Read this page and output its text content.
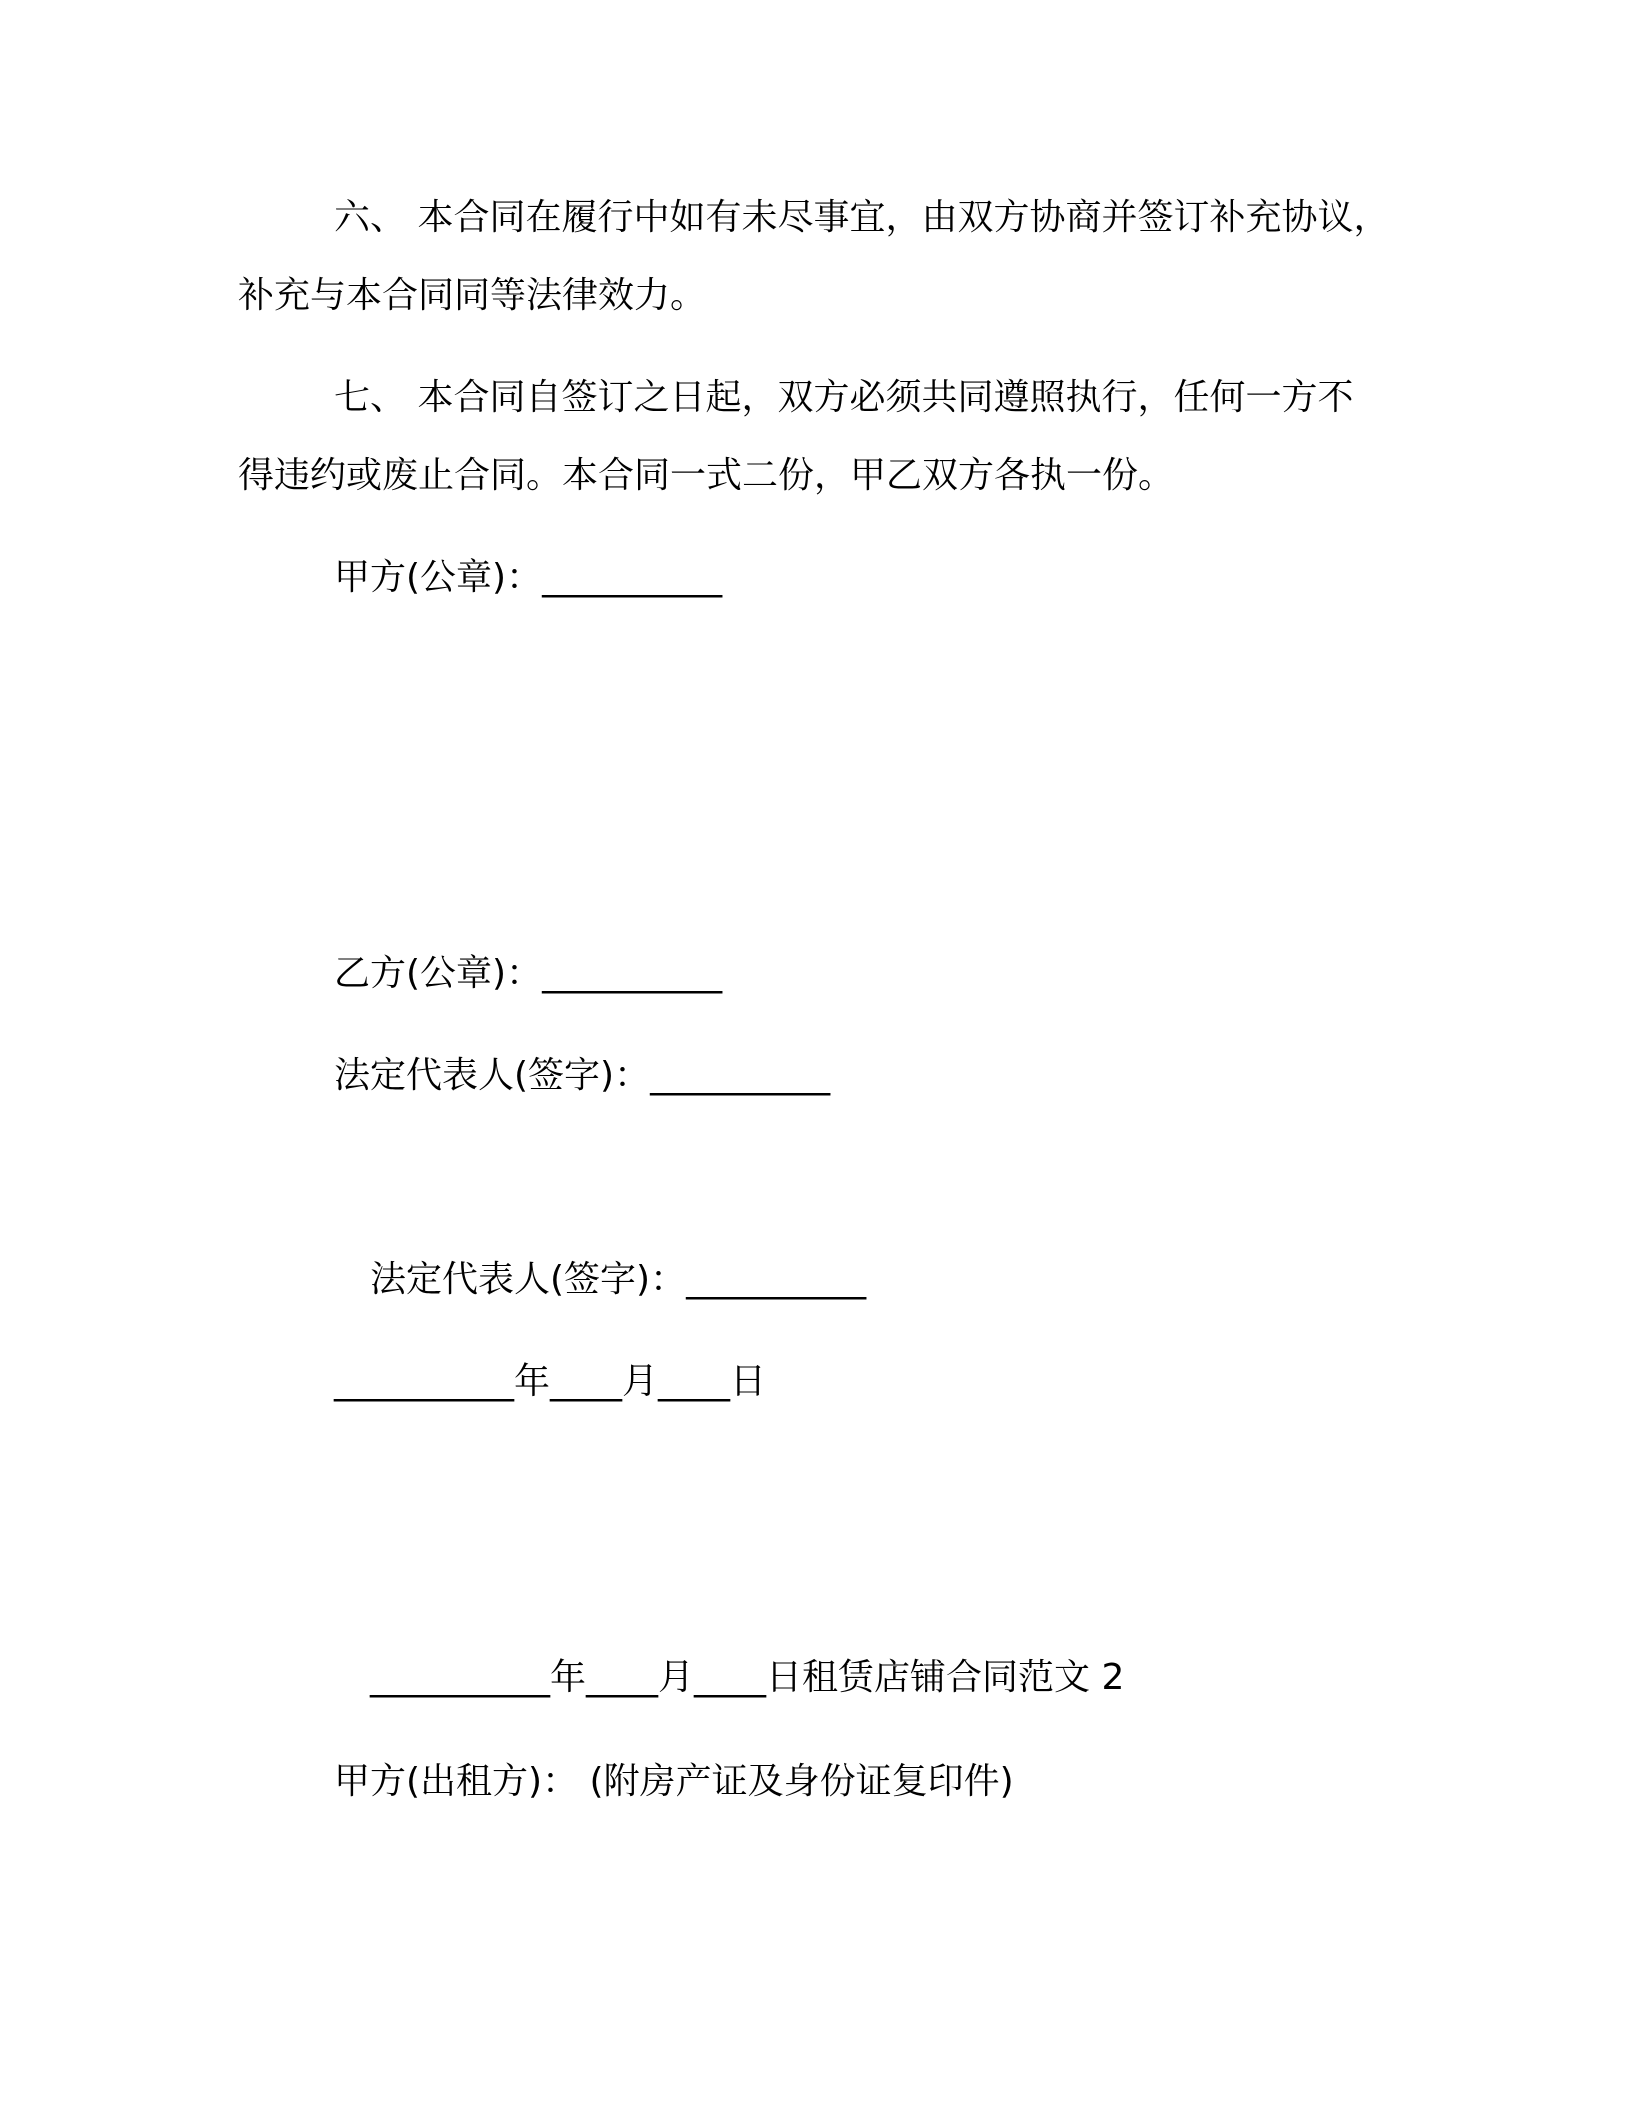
六、 本合同在履行中如有未尽事宜，由双方协商并签订补充协议，
补充与本合同同等法律效力。
七、 本合同自签订之日起，双方必须共同遵照执行，任何一方不
得违约或废止合同。本合同一式二份，甲乙双方各执一份。
甲方(公章)：__________
乙方(公章)：__________
法定代表人(签字)：__________
法定代表人(签字)：__________
__________年____月____日
__________年____月____日租赁店铺合同范文 2
甲方(出租方)： (附房产证及身份证复印件)
